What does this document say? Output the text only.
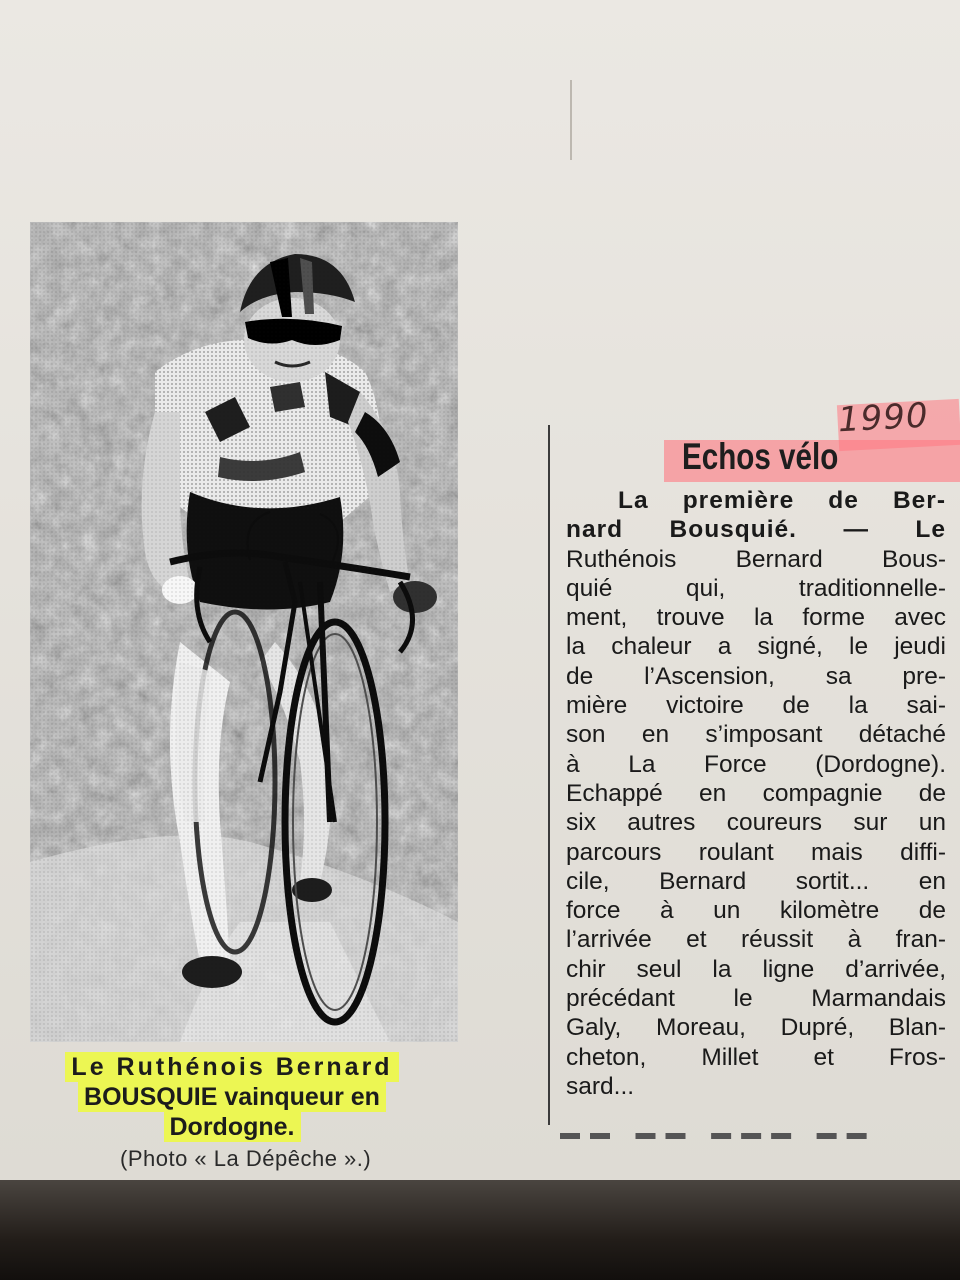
Le Ruthénois Bernard
BOUSQUIE vainqueur en
Dordogne.
(Photo « La Dépêche ».)
▬▬ ▬▬ ▬▬▬ ▬▬
1990
Echos vélo
La première de Ber-
nard Bousquié. — Le
Ruthénois Bernard Bous-
quié qui, traditionnelle-
ment, trouve la forme avec
la chaleur a signé, le jeudi
de l’Ascension, sa pre-
mière victoire de la sai-
son en s’imposant détaché
à La Force (Dordogne).
Echappé en compagnie de
six autres coureurs sur un
parcours roulant mais diffi-
cile, Bernard sortit... en
force à un kilomètre de
l’arrivée et réussit à fran-
chir seul la ligne d’arrivée,
précédant le Marmandais
Galy, Moreau, Dupré, Blan-
cheton, Millet et Fros-
sard...
